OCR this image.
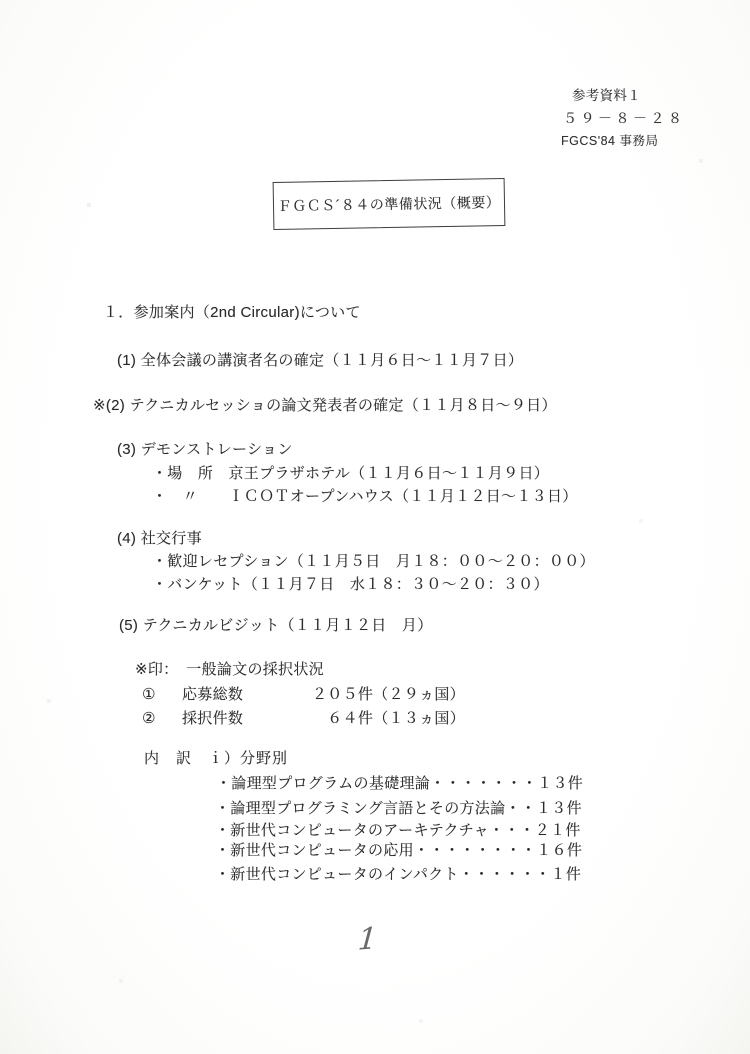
参考資料１
５９－８－２８
FGCS'84 事務局
ＦＧＣＳ´８４の準備状況（概要）
１．参加案内（2nd Circular)について
(1) 全体会議の講演者名の確定（１１月６日～１１月７日）
※(2) テクニカルセッショの論文発表者の確定（１１月８日～９日）
(3) デモンストレーション
・場　所　京王プラザホテル（１１月６日～１１月９日）
・　〃　　ＩＣＯＴオープンハウス（１１月１２日～１３日）
(4) 社交行事
・歓迎レセプション（１１月５日　月１８：００～２０：００）
・バンケット（１１月７日　水１８：３０～２０：３０）
(5) テクニカルビジット（１１月１２日　月）
※印：　一般論文の採択状況
①	応募総数	２０５件（２９ヵ国）
②	採択件数	６４件（１３ヵ国）
内　訳　ｉ）分野別
・論理型プログラムの基礎理論・・・・・・・１３件
・論理型プログラミング言語とその方法論・・１３件
・新世代コンピュータのアーキテクチャ・・・２１件
・新世代コンピュータの応用・・・・・・・・１６件
・新世代コンピュータのインパクト・・・・・・１件
1
